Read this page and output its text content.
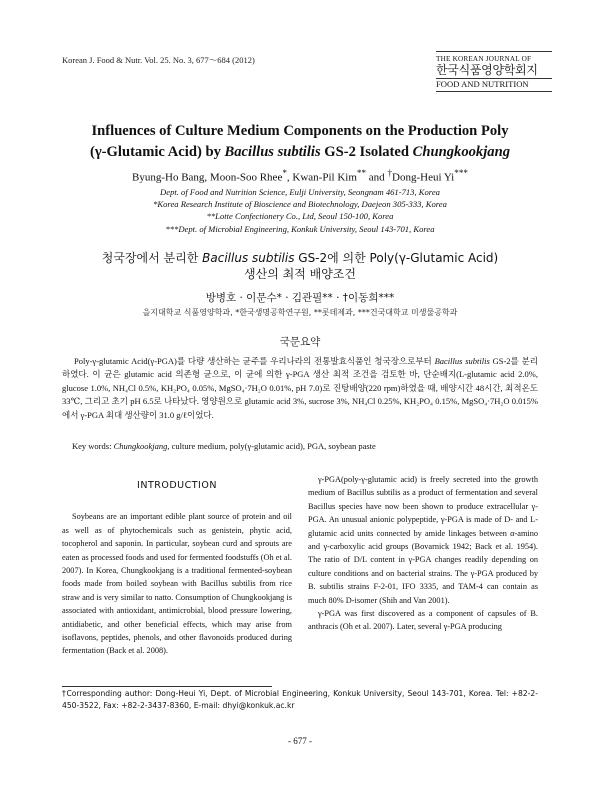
Korean J. Food & Nutr. Vol. 25. No. 3, 677～684 (2012)	THE KOREAN JOURNAL OF
한국식품영양학회지
FOOD AND NUTRITION
Influences of Culture Medium Components on the Production Poly
(γ-Glutamic Acid) by Bacillus subtilis GS-2 Isolated Chungkookjang
Byung-Ho Bang, Moon-Soo Rhee*, Kwan-Pil Kim** and †Dong-Heui Yi***
Dept. of Food and Nutrition Science, Eulji University, Seongnam 461-713, Korea
*Korea Research Institute of Bioscience and Biotechnology, Daejeon 305-333, Korea
**Lotte Confectionery Co., Ltd, Seoul 150-100, Korea
***Dept. of Microbial Engineering, Konkuk University, Seoul 143-701, Korea
청국장에서 분리한 Bacillus subtilis GS-2에 의한 Poly(γ-Glutamic Acid)
생산의 최적 배양조건
방병호 · 이문수* · 김관필** · †이동희***
을지대학교 식품영양학과, *한국생명공학연구원, **롯데제과, ***건국대학교 미생물공학과
국문요약
Poly-γ-glutamic Acid(γ-PGA)를 다량 생산하는 균주를 우리나라의 전통발효식품인 청국장으로부터 Bacillus subtilis GS-2를 분리하였다. 이 균은 glutamic acid 의존형 균으로, 이 균에 의한 γ-PGA 생산 최적 조건을 검토한 바, 단순배지(L-glutamic acid 2.0%, glucose 1.0%, NH₄Cl 0.5%, KH₂PO₄ 0.05%, MgSO₄·7H₂O 0.01%, pH 7.0)로 진탕배양(220 rpm)하였을 때, 배양시간 48시간, 최적온도 33℃, 그리고 초기 pH 6.5로 나타났다. 영양원으로 glutamic acid 3%, sucrose 3%, NH₄Cl 0.25%, KH₂PO₄ 0.15%, MgSO₄·7H₂O 0.015%에서 γ-PGA 최대 생산량이 31.0 g/ℓ이었다.
Key words: Chungkookjang, culture medium, poly(γ-glutamic acid), PGA, soybean paste
INTRODUCTION

Soybeans are an important edible plant source of protein and oil as well as of phytochemicals such as genistein, phytic acid, tocopherol and saponin. In particular, soybean curd and sprouts are eaten as processed foods and used for fermented foodstuffs (Oh et al. 2007). In Korea, Chungkookjang is a traditional fermented-soybean foods made from boiled soybean with Bacillus subtilis from rice straw and is very similar to natto. Consumption of Chungkookjang is associated with antioxidant, antimicrobial, blood pressure lowering, antidiabetic, and other beneficial effects, which may arise from isoflavons, peptides, phenols, and other flavonoids produced during fermentation (Back et al. 2008).

γ-PGA(poly-γ-glutamic acid) is freely secreted into the growth medium of Bacillus subtilis as a product of fermentation and several Bacillus species have now been shown to produce extracellular γ-PGA. An unusual anionic polypeptide, γ-PGA is made of D- and L-glutamic acid units connected by amide linkages between α-amino and γ-carboxylic acid groups (Bovarnick 1942; Back et al. 1954). The ratio of D/L content in γ-PGA changes readily depending on culture conditions and on bacterial strains. The γ-PGA produced by B. subtilis strains F-2-01, IFO 3335, and TAM-4 can contain as much 80% D-isomer (Shih and Van 2001).

γ-PGA was first discovered as a component of capsules of B. anthracis (Oh et al. 2007). Later, several γ-PGA producing

†Corresponding author: Dong-Heui Yi, Dept. of Microbial Engineering, Konkuk University, Seoul 143-701, Korea. Tel: +82-2-450-3522, Fax: +82-2-3437-8360, E-mail: dhyi@konkuk.ac.kr
- 677 -
